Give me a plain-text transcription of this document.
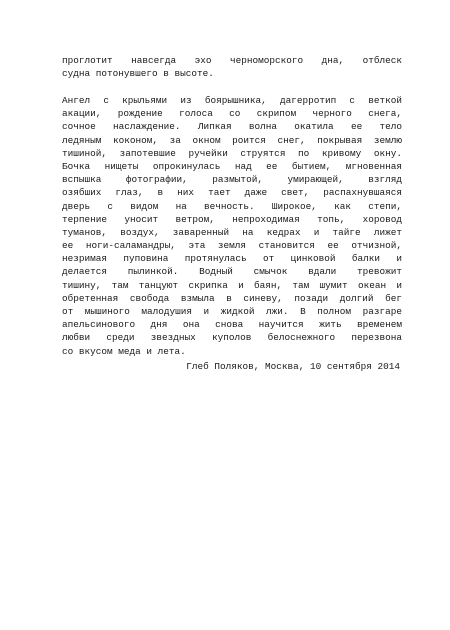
проглотит навсегда эхо черноморского дна, отблеск
судна потонувшего в высоте.
Ангел с крыльями из боярышника, дагерротип с веткой
акации, рождение голоса со скрипом черного снега,
сочное наслаждение. Липкая волна окатила ее тело
ледяным коконом, за окном роится снег, покрывая землю
тишиной, запотевшие ручейки струятся по кривому окну.
Бочка нищеты опрокинулась над ее бытием, мгновенная
вспышка фотографии, размытой, умирающей, взгляд
озябших глаз, в них тает даже свет, распахнувшаяся
дверь с видом на вечность. Широкое, как степи,
терпение уносит ветром, непроходимая топь, хоровод
туманов, воздух, заваренный на кедрах и тайге лижет
ее ноги-саламандры, эта земля становится ее отчизной,
незримая пуповина протянулась от цинковой балки и
делается пылинкой. Водный смычок вдали тревожит
тишину, там танцуют скрипка и баян, там шумит океан и
обретенная свобода взмыла в синеву, позади долгий бег
от мышиного малодушия и жидкой лжи. В полном разгаре
апельсинового дня она снова научится жить временем
любви среди звездных куполов белоснежного перезвона
со вкусом меда и лета.
Глеб Поляков, Москва, 10 сентября 2014
